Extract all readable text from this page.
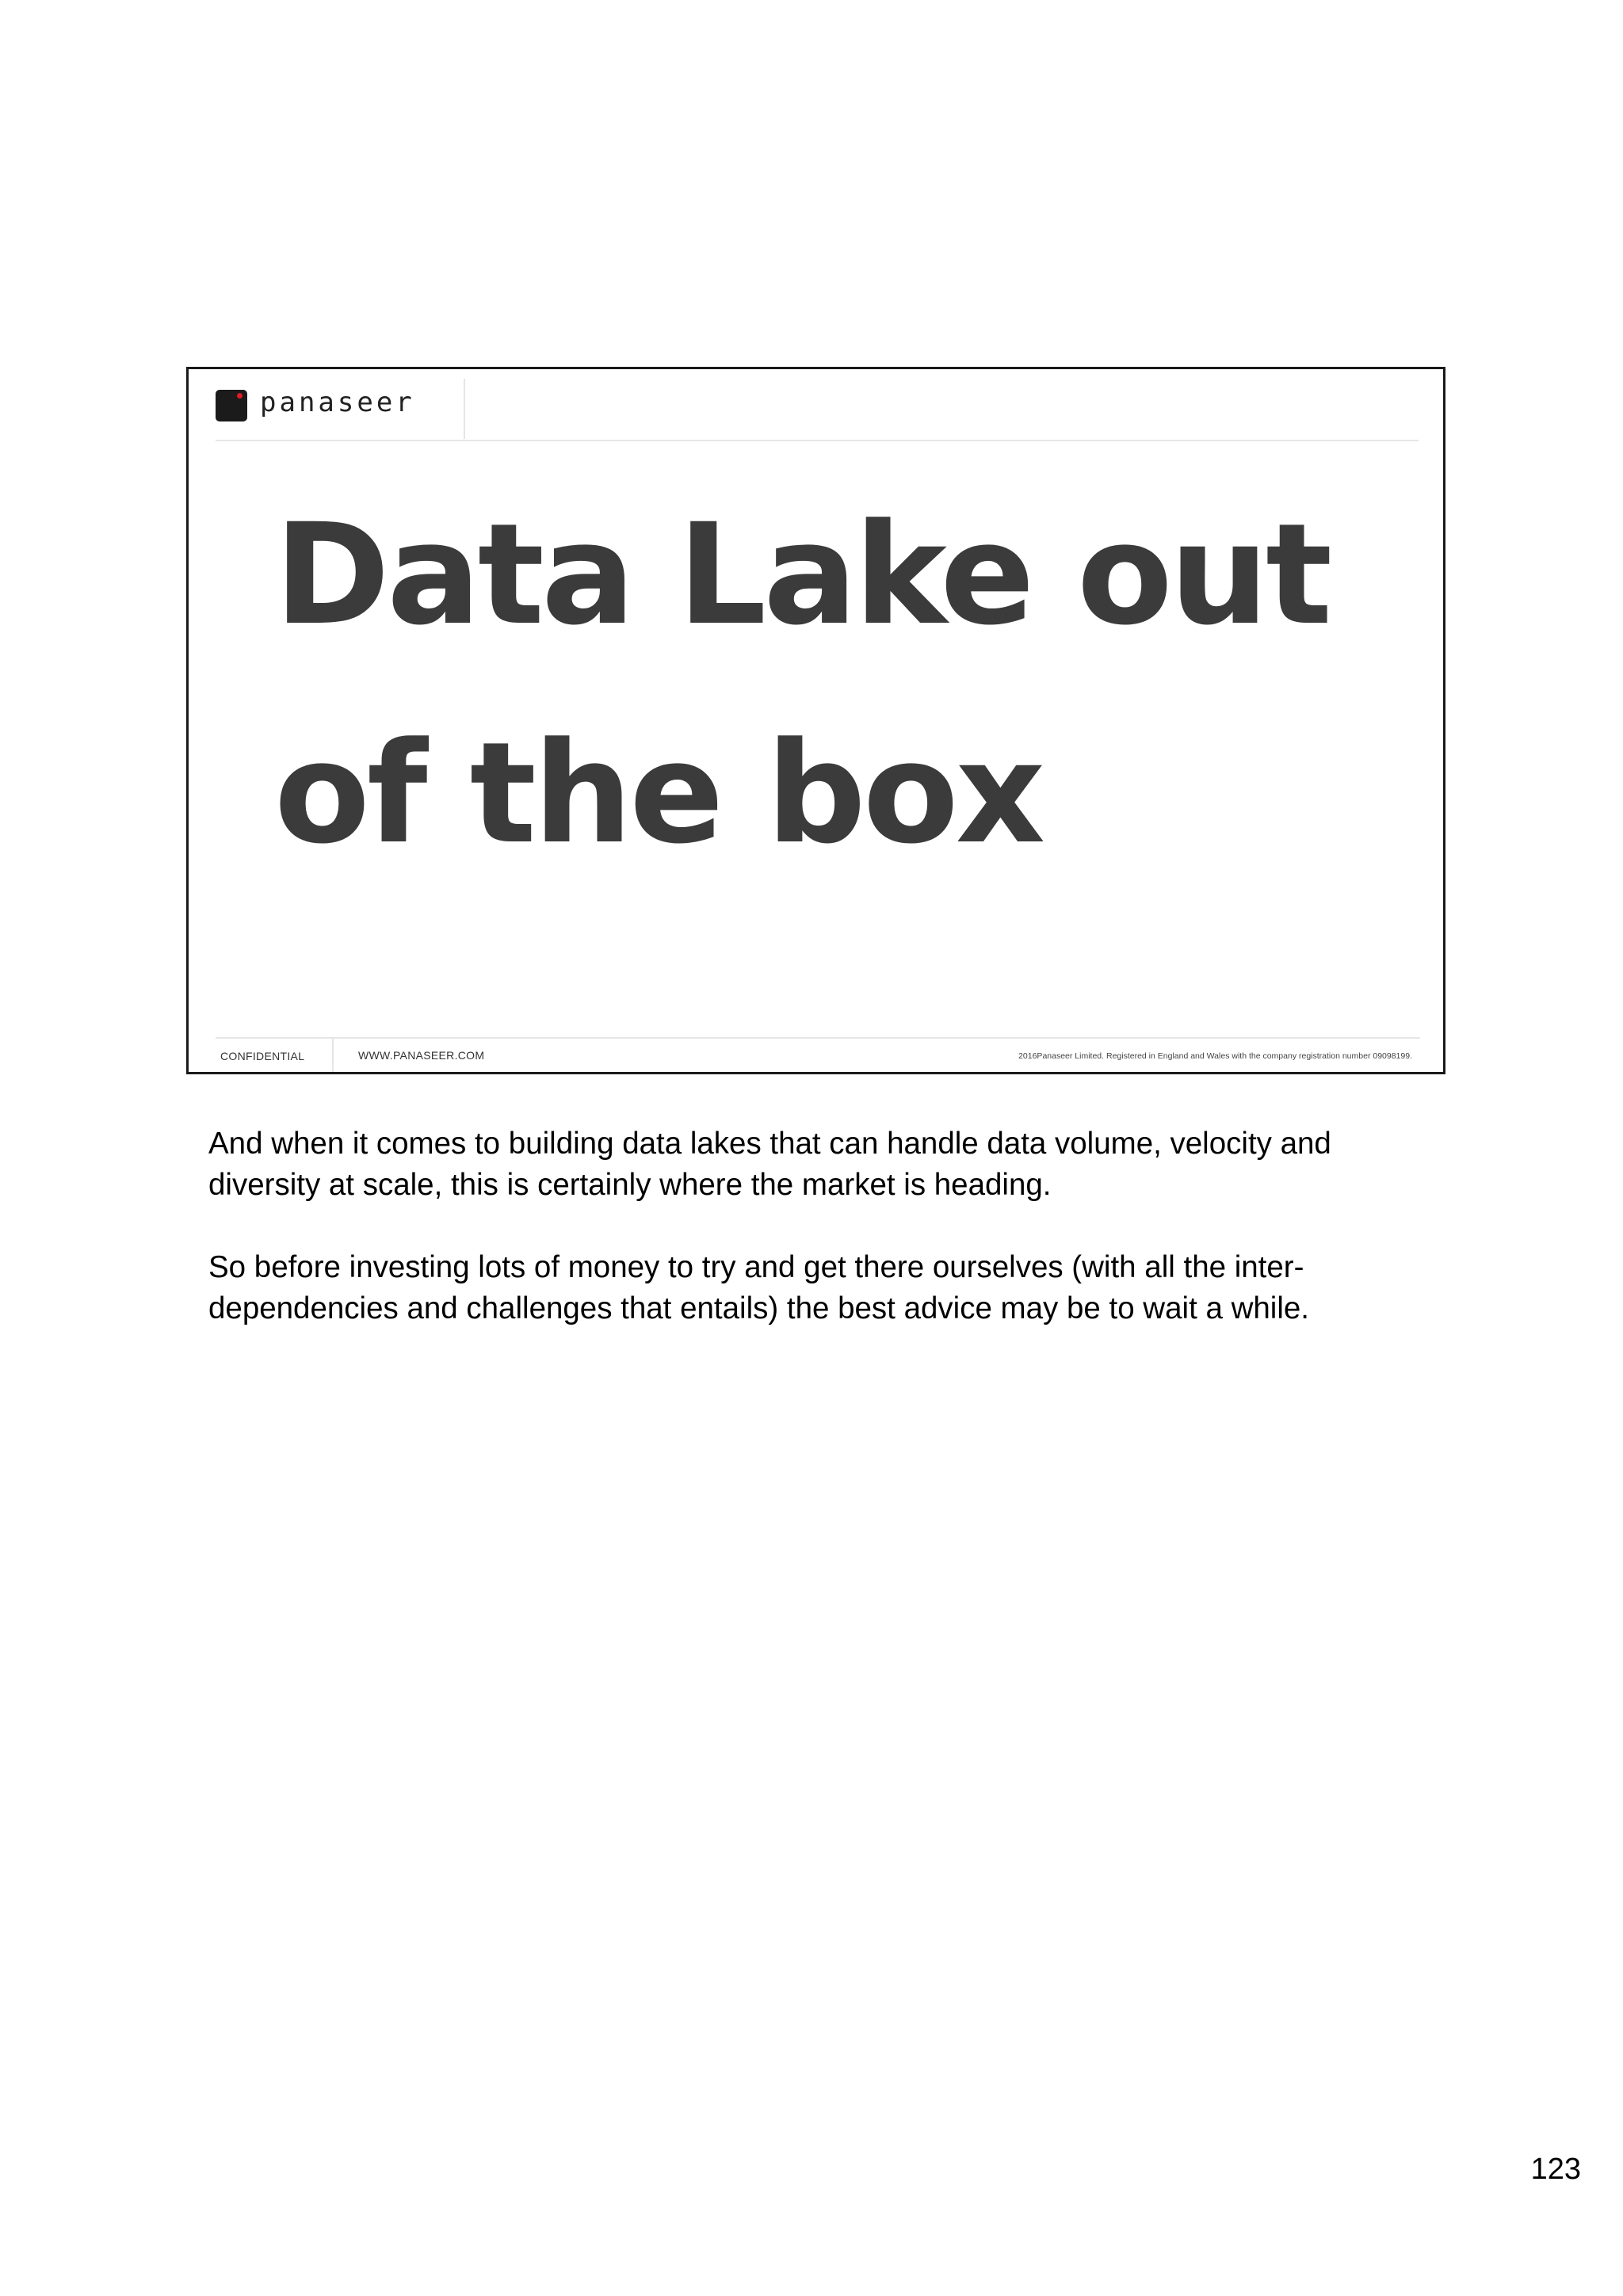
panaseer
Data Lake out
of the box
CONFIDENTIAL	WWW.PANASEER.COM	2016Panaseer Limited. Registered in England and Wales with the company registration number 09098199.

And when it comes to building data lakes that can handle data volume, velocity and
diversity at scale, this is certainly where the market is heading.

So before investing lots of money to try and get there ourselves (with all the inter-
dependencies and challenges that entails) the best advice may be to wait a while.

123
